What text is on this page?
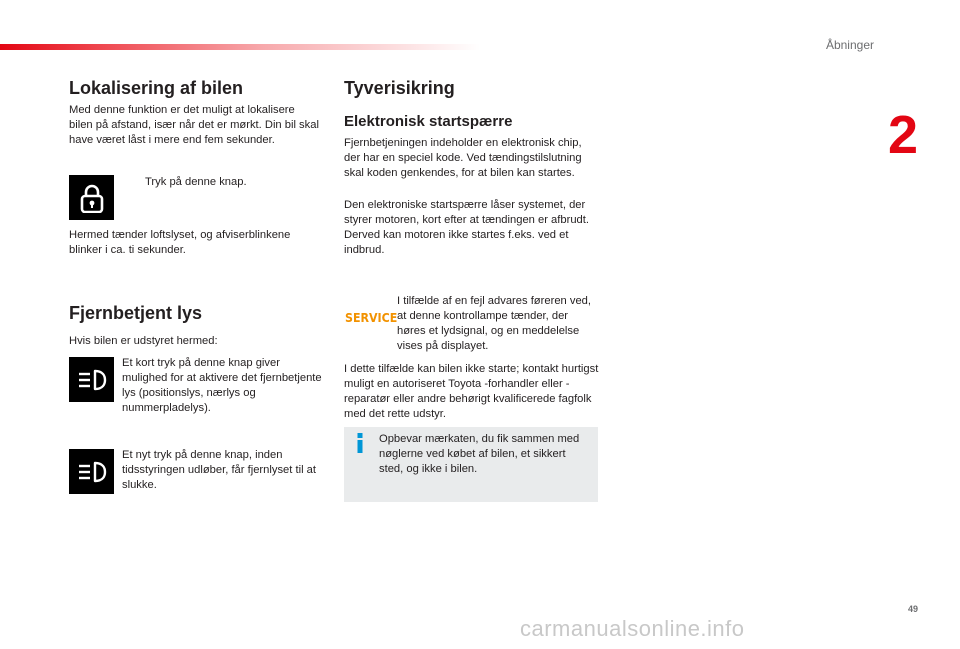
Åbninger
2
Lokalisering af bilen

Med denne funktion er det muligt at lokalisere bilen på afstand, især når det er mørkt. Din bil skal have været låst i mere end fem sekunder.

Tryk på denne knap.

Hermed tænder loftslyset, og afviserblinkene blinker i ca. ti sekunder.

Fjernbetjent lys

Hvis bilen er udstyret hermed:

Et kort tryk på denne knap giver mulighed for at aktivere det fjernbetjente lys (positionslys, nærlys og nummerpladelys).

Et nyt tryk på denne knap, inden tidsstyringen udløber, får fjernlyset til at slukke.

Tyverisikring
Elektronisk startspærre

Fjernbetjeningen indeholder en elektronisk chip, der har en speciel kode. Ved tændingstilslutning skal koden genkendes, for at bilen kan startes.

Den elektroniske startspærre låser systemet, der styrer motoren, kort efter at tændingen er afbrudt. Derved kan motoren ikke startes f.eks. ved et indbrud.

SERVICE

I tilfælde af en fejl advares føreren ved, at denne kontrollampe tænder, der høres et lydsignal, og en meddelelse vises på displayet.

I dette tilfælde kan bilen ikke starte; kontakt hurtigst muligt en autoriseret Toyota -forhandler eller -reparatør eller andre behørigt kvalificerede fagfolk med det rette udstyr.

Opbevar mærkaten, du fik sammen med nøglerne ved købet af bilen, et sikkert sted, og ikke i bilen.

49
carmanualsonline.info
